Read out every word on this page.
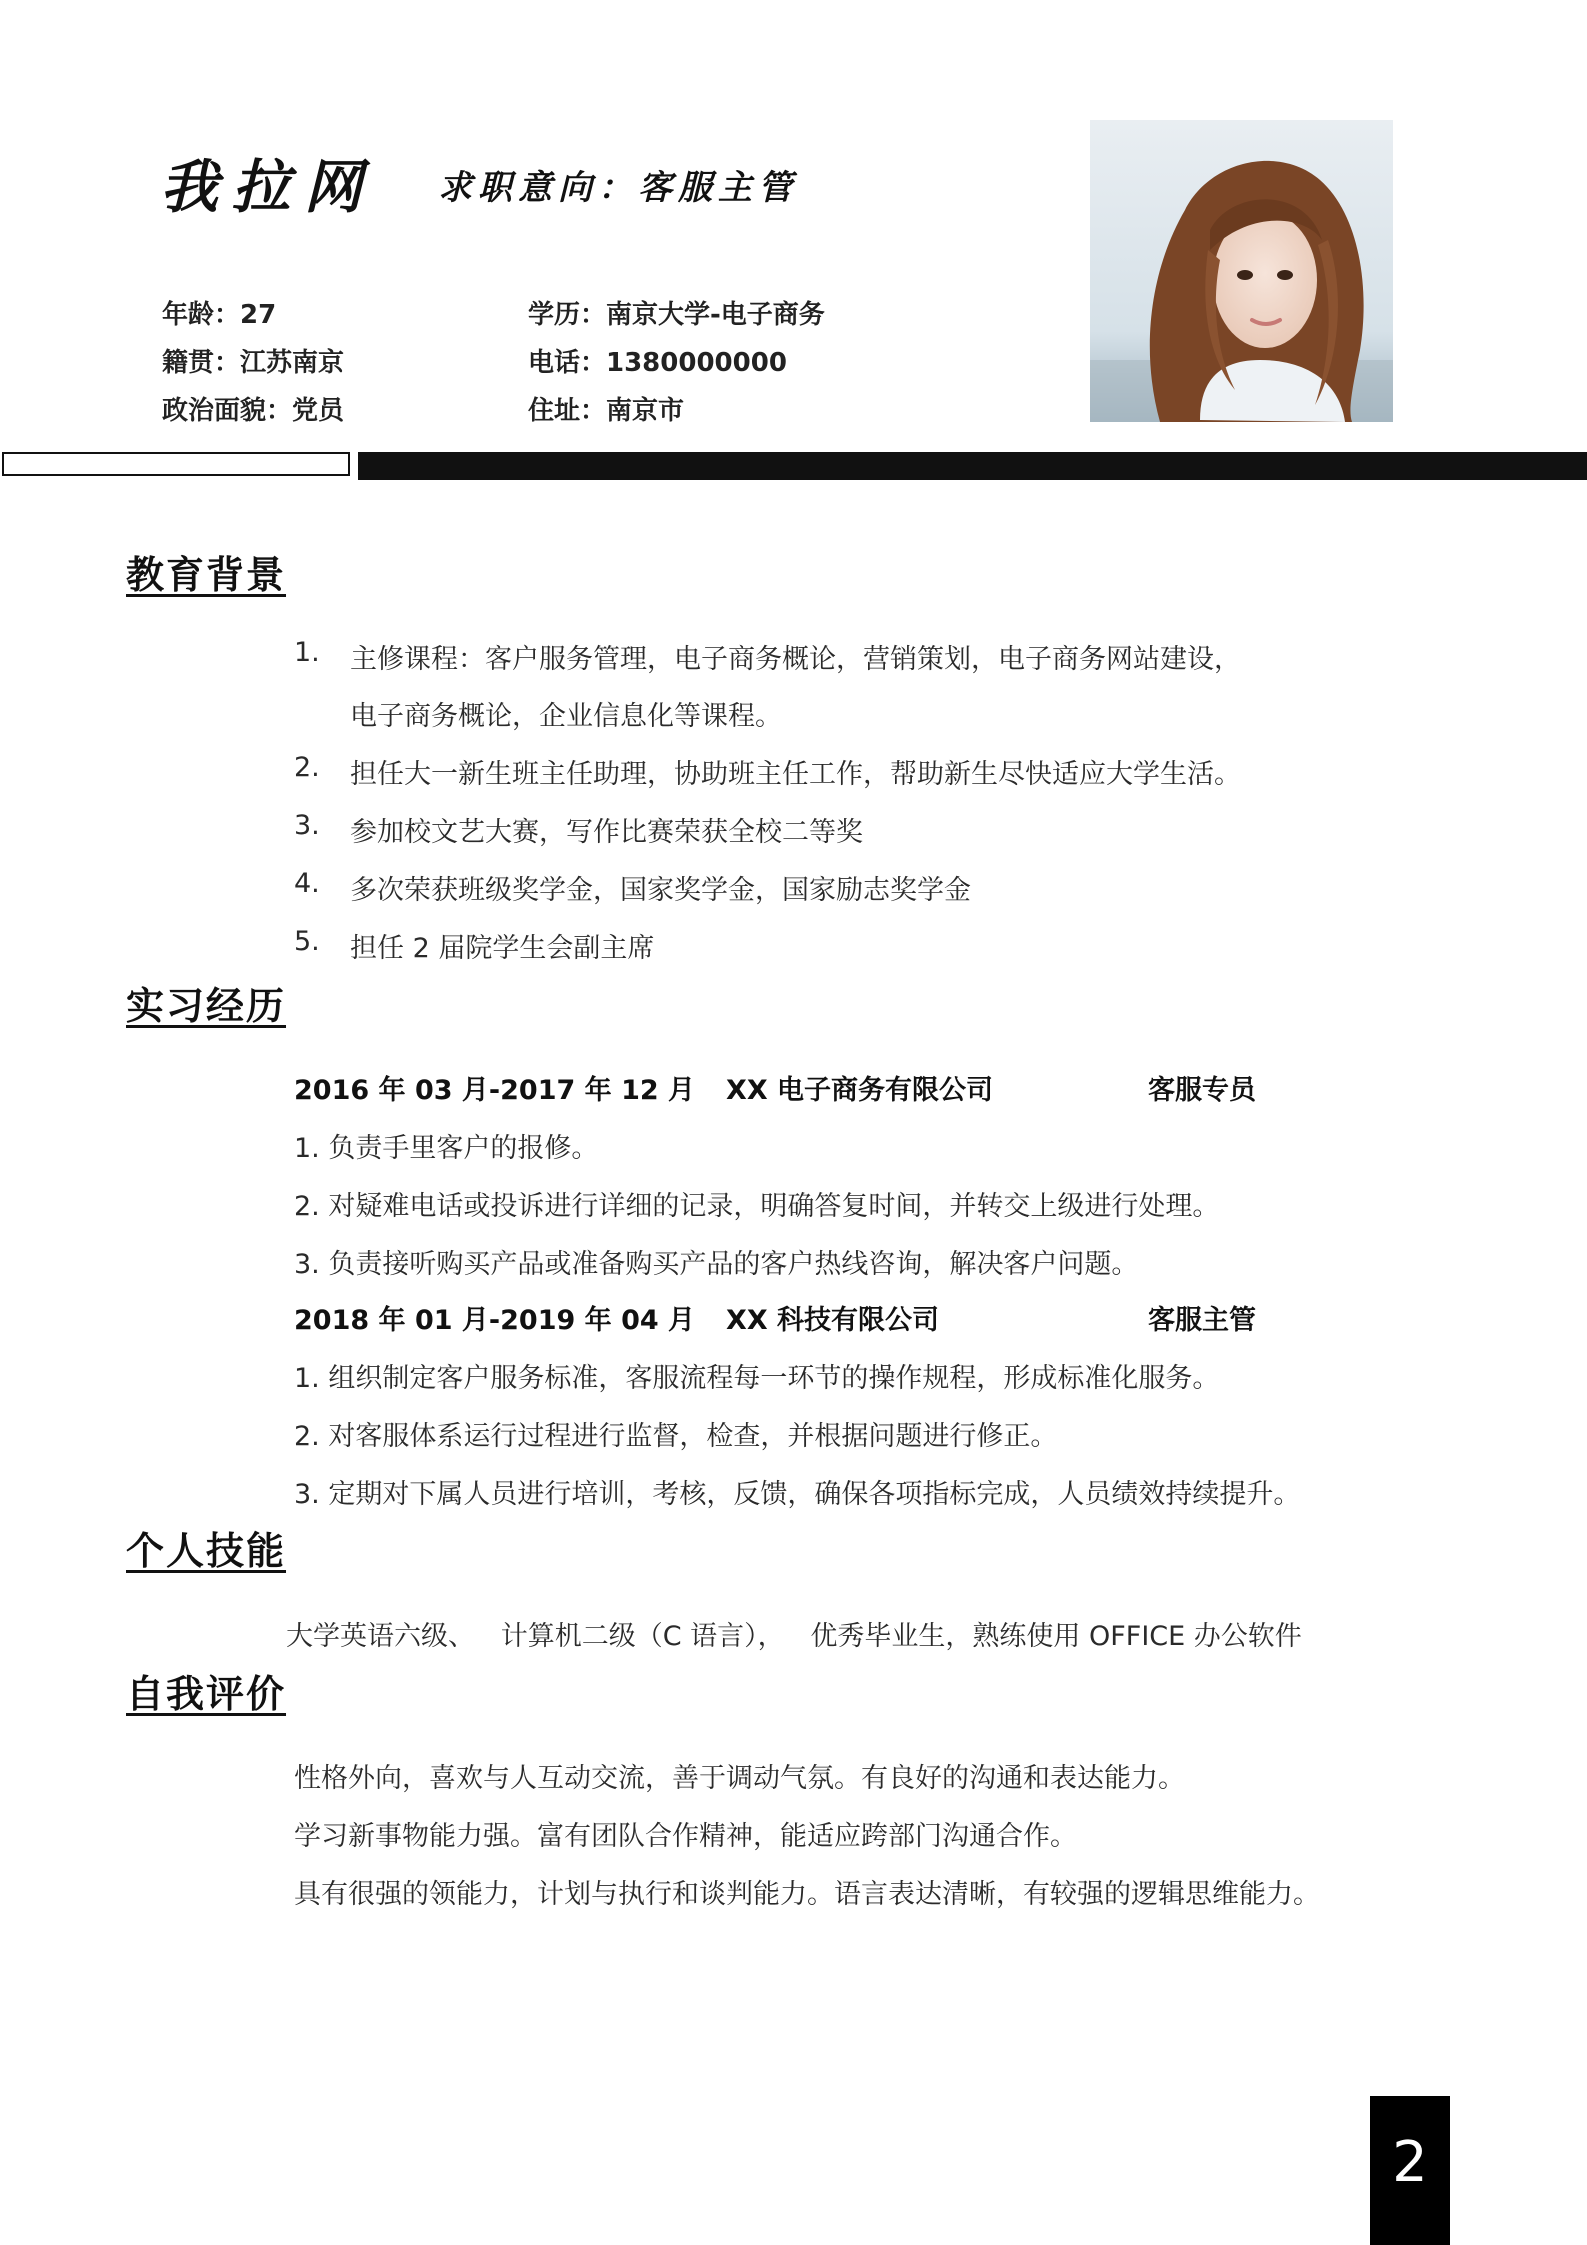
我拉网 求职意向：客服主管
年龄：27
籍贯：江苏南京
政治面貌：党员
学历：南京大学-电子商务
电话：1380000000
住址：南京市
教育背景
1. 主修课程：客户服务管理，电子商务概论，营销策划，电子商务网站建设，
电子商务概论，企业信息化等课程。
2. 担任大一新生班主任助理，协助班主任工作，帮助新生尽快适应大学生活。
3. 参加校文艺大赛，写作比赛荣获全校二等奖
4. 多次荣获班级奖学金，国家奖学金，国家励志奖学金
5. 担任 2 届院学生会副主席
实习经历
2016 年 03 月-2017 年 12 月 XX 电子商务有限公司	客服专员
1. 负责手里客户的报修。
2. 对疑难电话或投诉进行详细的记录，明确答复时间，并转交上级进行处理。
3. 负责接听购买产品或准备购买产品的客户热线咨询，解决客户问题。
2018 年 01 月-2019 年 04 月 XX 科技有限公司	客服主管
1. 组织制定客户服务标准，客服流程每一环节的操作规程，形成标准化服务。
2. 对客服体系运行过程进行监督，检查，并根据问题进行修正。
3. 定期对下属人员进行培训，考核，反馈，确保各项指标完成，人员绩效持续提升。
个人技能
大学英语六级、   计算机二级（C 语言），   优秀毕业生，熟练使用 OFFICE 办公软件
自我评价
性格外向，喜欢与人互动交流，善于调动气氛。有良好的沟通和表达能力。
学习新事物能力强。富有团队合作精神，能适应跨部门沟通合作。
具有很强的领能力，计划与执行和谈判能力。语言表达清晰，有较强的逻辑思维能力。
2
